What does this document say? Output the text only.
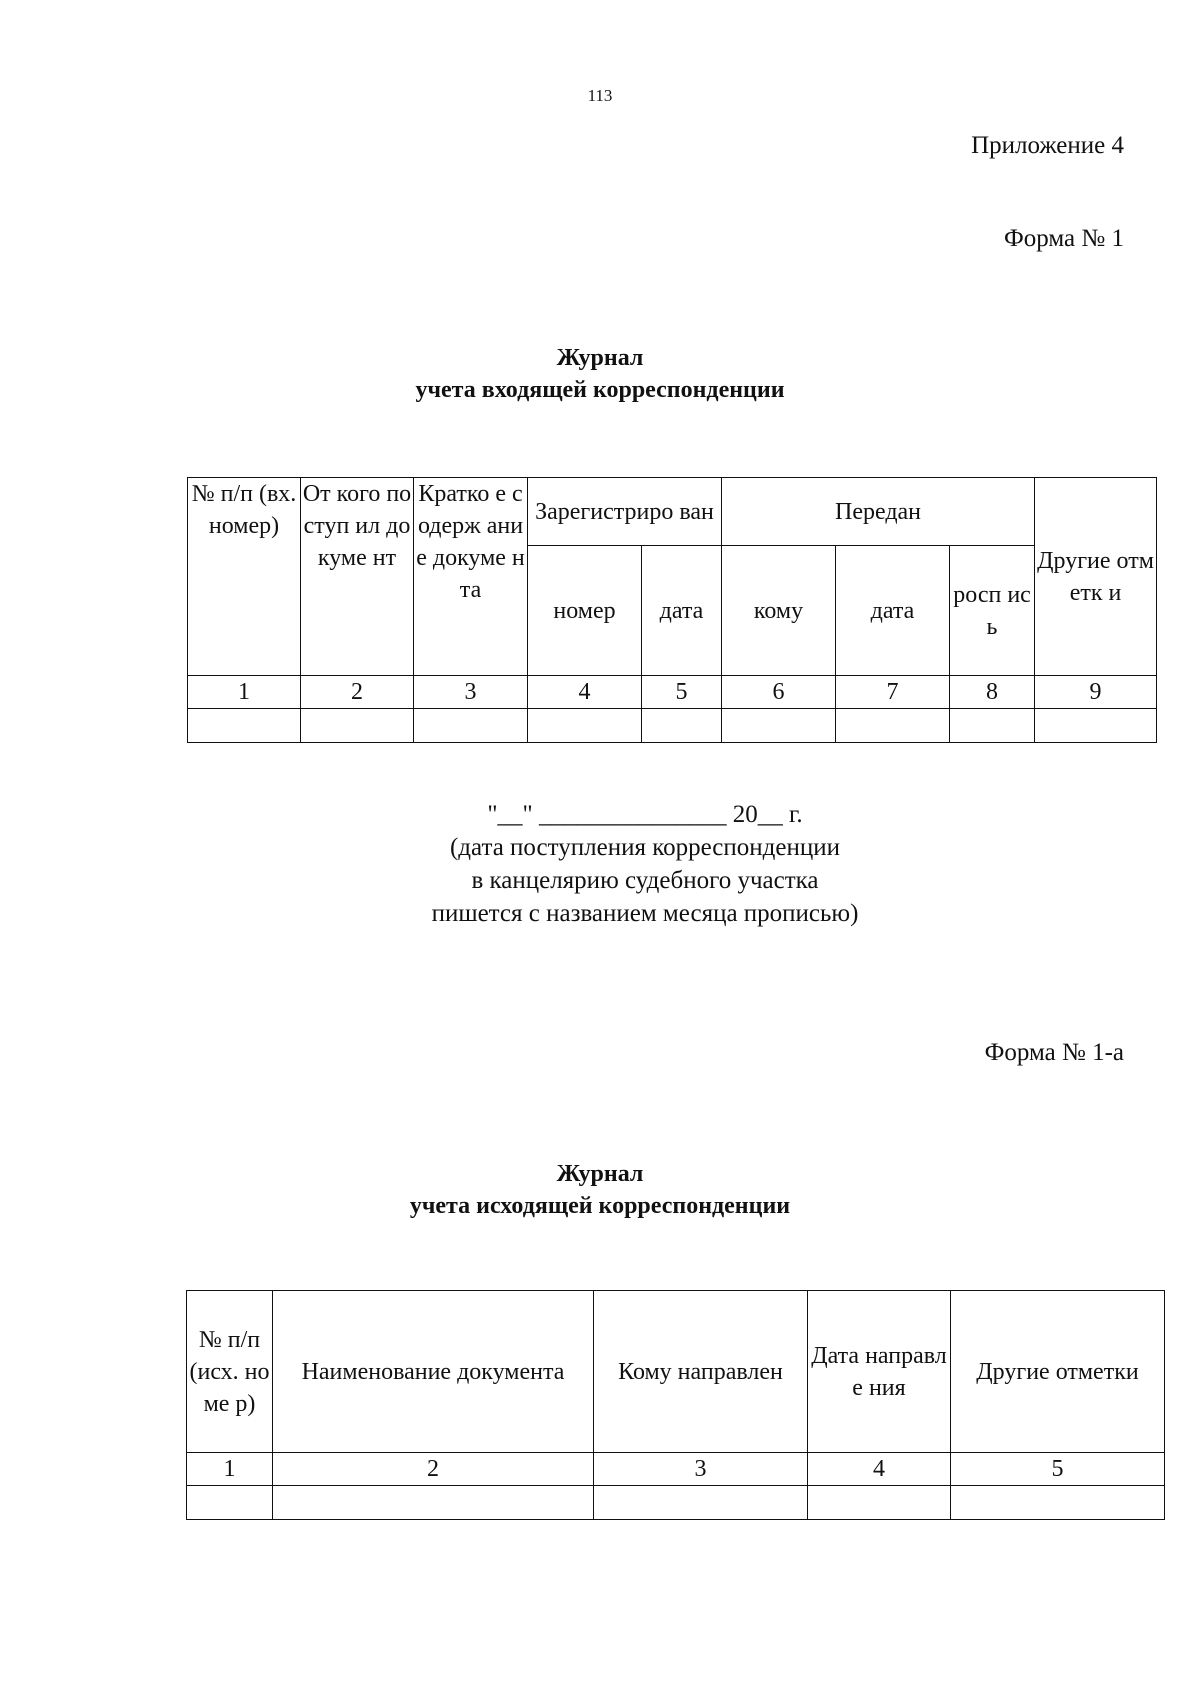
113
Приложение 4
Форма № 1
Журнал
учета входящей корреспонденции
№ п/п (вх. номер)	От кого поступ ил докуме нт	Кратко е содерж ание докуме нта	Зарегистриро ван		Передан			Другие отметк и
			номер	дата	кому	дата	росп ись	
1	2	3	4	5	6	7	8	9

"__" _______________ 20__ г.
(дата поступления корреспонденции
в канцелярию судебного участка
пишется с названием месяца прописью)
Форма № 1-а
Журнал
учета исходящей корреспонденции
№ п/п (исх. номе р)	Наименование документа	Кому направлен	Дата направле ния	Другие отметки
1	2	3	4	5
